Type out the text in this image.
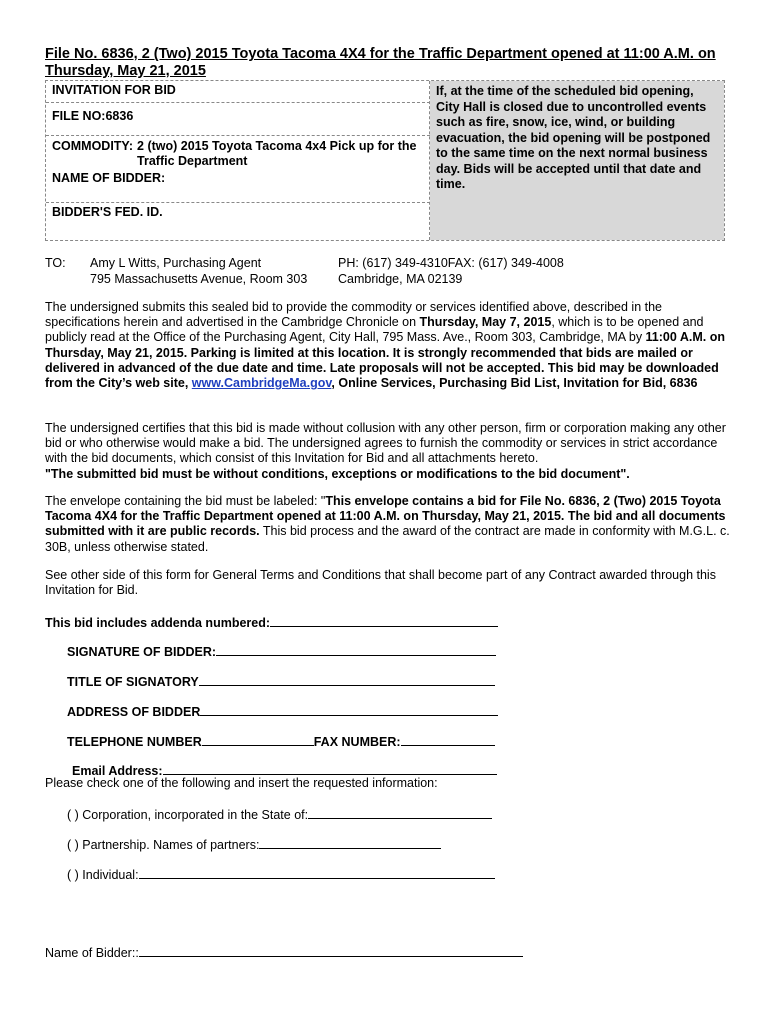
File No. 6836, 2 (Two) 2015 Toyota Tacoma 4X4 for the Traffic Department opened at 11:00 A.M. on Thursday, May 21, 2015
INVITATION FOR BID
FILE NO:6836
COMMODITY: 2 (two) 2015 Toyota Tacoma 4x4 Pick up for the Traffic Department
NAME OF BIDDER:
BIDDER'S FED. ID.
If, at the time of the scheduled bid opening, City Hall is closed due to uncontrolled events such as fire, snow, ice, wind, or building evacuation, the bid opening will be postponed to the same time on the next normal business day. Bids will be accepted until that date and time.
TO: Amy L Witts, Purchasing Agent
795 Massachusetts Avenue, Room 303
PH: (617) 349-4310FAX: (617) 349-4008
Cambridge, MA 02139
The undersigned submits this sealed bid to provide the commodity or services identified above, described in the specifications herein and advertised in the Cambridge Chronicle on Thursday, May 7, 2015, which is to be opened and publicly read at the Office of the Purchasing Agent, City Hall, 795 Mass. Ave., Room 303, Cambridge, MA by 11:00 A.M. on Thursday, May 21, 2015. Parking is limited at this location. It is strongly recommended that bids are mailed or delivered in advanced of the due date and time. Late proposals will not be accepted. This bid may be downloaded from the City’s web site, www.CambridgeMa.gov, Online Services, Purchasing Bid List, Invitation for Bid, 6836
The undersigned certifies that this bid is made without collusion with any other person, firm or corporation making any other bid or who otherwise would make a bid. The undersigned agrees to furnish the commodity or services in strict accordance with the bid documents, which consist of this Invitation for Bid and all attachments hereto.
"The submitted bid must be without conditions, exceptions or modifications to the bid document".
The envelope containing the bid must be labeled: "This envelope contains a bid for File No. 6836, 2 (Two) 2015 Toyota Tacoma 4X4 for the Traffic Department opened at 11:00 A.M. on Thursday, May 21, 2015. The bid and all documents submitted with it are public records. This bid process and the award of the contract are made in conformity with M.G.L. c. 30B, unless otherwise stated.
See other side of this form for General Terms and Conditions that shall become part of any Contract awarded through this Invitation for Bid.
This bid includes addenda numbered:
SIGNATURE OF BIDDER:
TITLE OF SIGNATORY
ADDRESS OF BIDDER
TELEPHONE NUMBER	FAX NUMBER:
Email Address:
Please check one of the following and insert the requested information:
( ) Corporation, incorporated in the State of:
( ) Partnership. Names of partners:
( ) Individual:
Name of Bidder::
